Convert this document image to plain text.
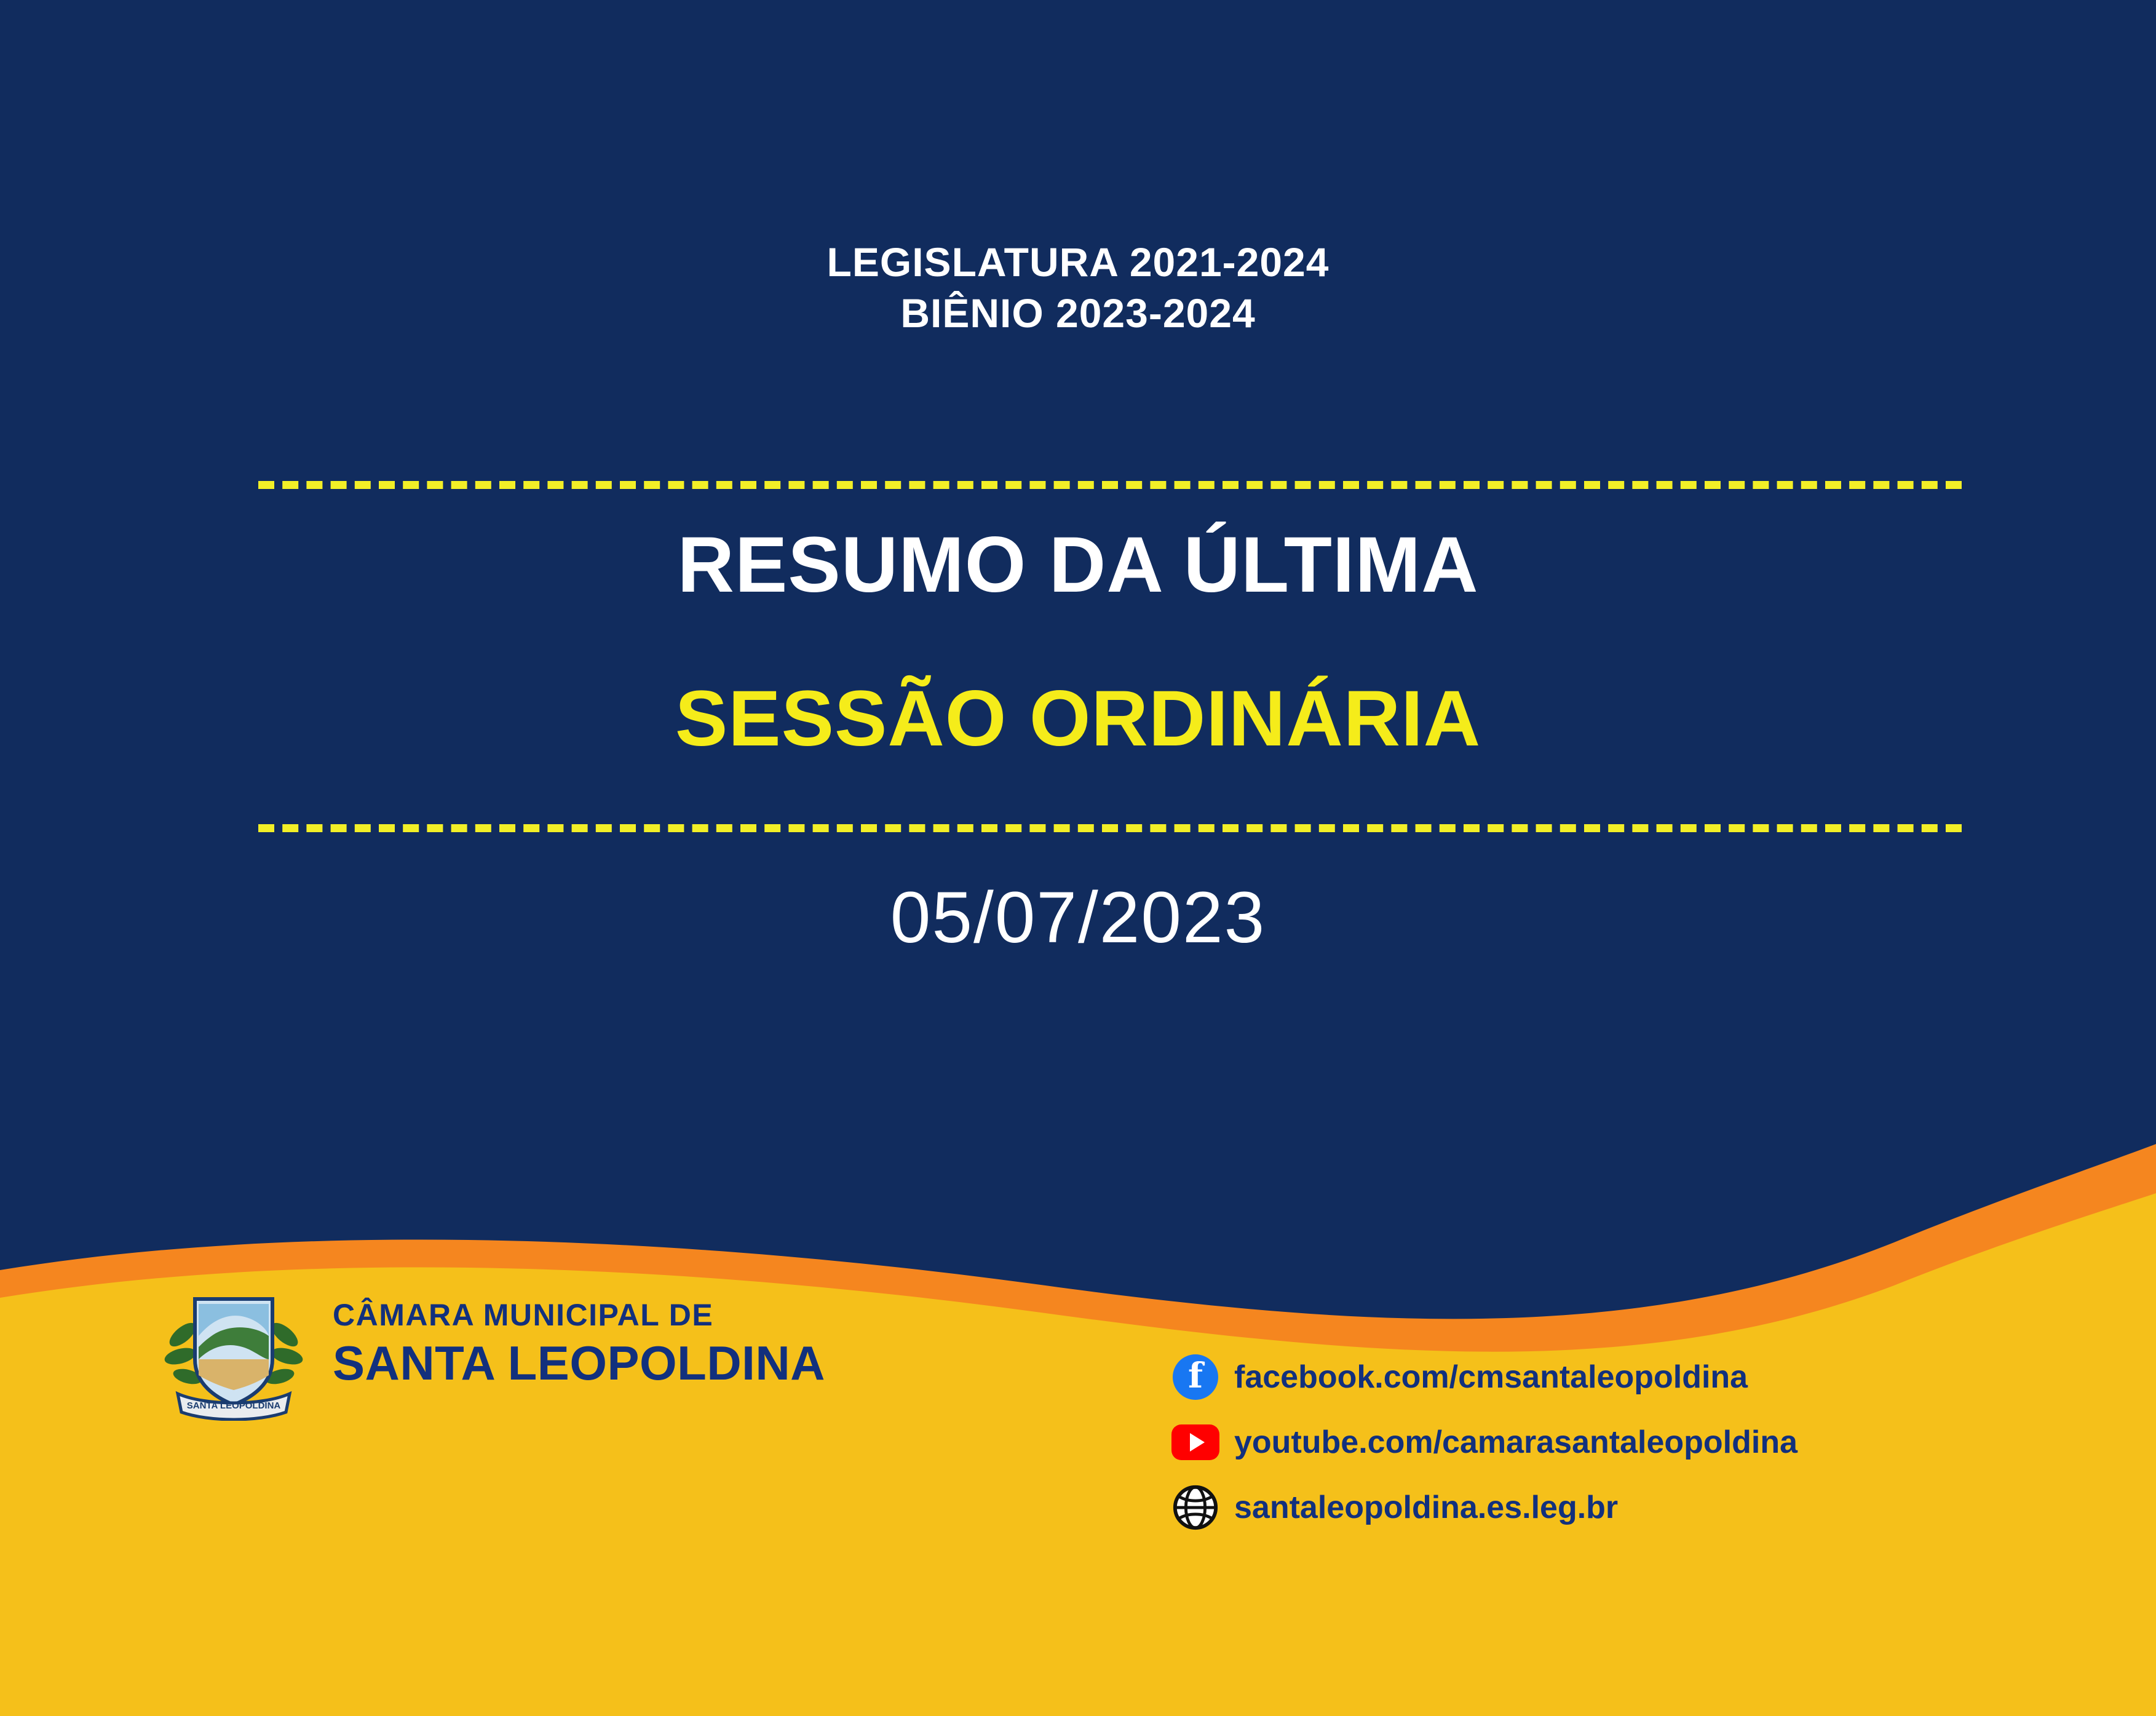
LEGISLATURA 2021-2024
BIÊNIO 2023-2024
RESUMO DA ÚLTIMA
SESSÃO ORDINÁRIA
05/07/2023
SANTA LEOPOLDINA
CÂMARA MUNICIPAL DE
SANTA LEOPOLDINA	f facebook.com/cmsantaleopoldina
youtube.com/camarasantaleopoldina
santaleopoldina.es.leg.br
